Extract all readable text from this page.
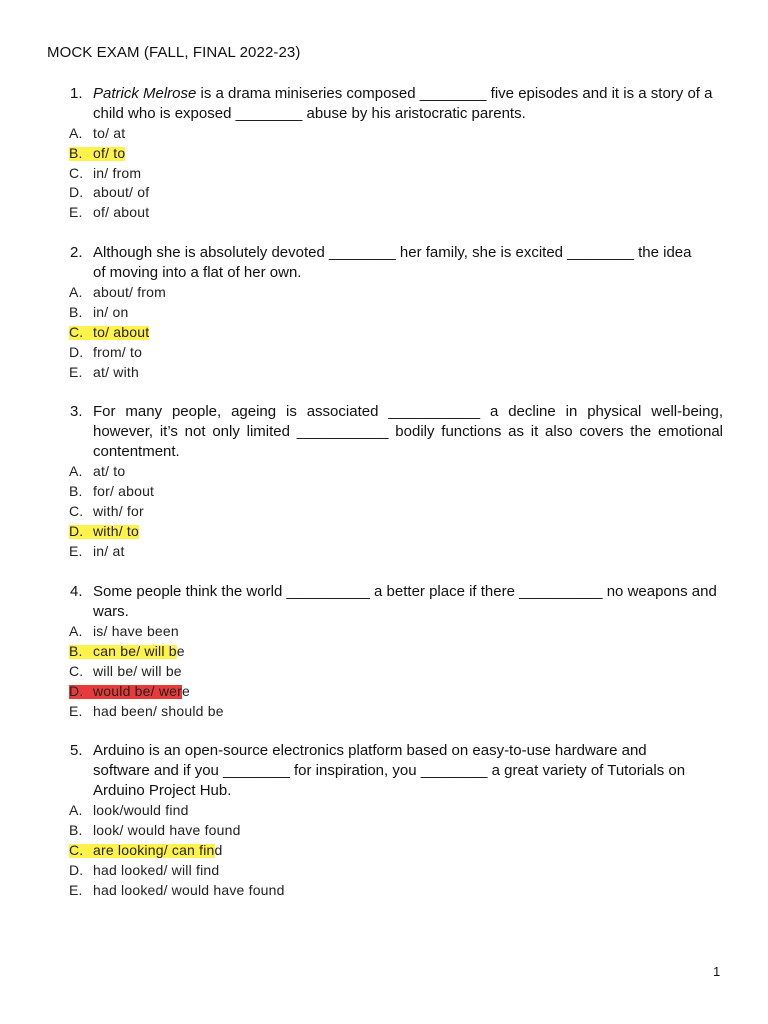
MOCK EXAM (FALL, FINAL 2022-23)
1. Patrick Melrose is a drama miniseries composed ________ five episodes and it is a story of a
child who is exposed ________ abuse by his aristocratic parents.
A. to/ at
B. of/ to
C. in/ from
D. about/ of
E. of/ about
2. Although she is absolutely devoted ________ her family, she is excited ________ the idea
of moving into a flat of her own.
A. about/ from
B. in/ on
C. to/ about
D. from/ to
E. at/ with
3. For many people, ageing is associated ___________ a decline in physical well-being, however, it’s not only limited ___________ bodily functions as it also covers the emotional contentment.
A. at/ to
B. for/ about
C. with/ for
D. with/ to
E. in/ at
4. Some people think the world __________ a better place if there __________ no weapons and
wars.
A. is/ have been
B. can be/ will be
C. will be/ will be
D. would be/ were
E. had been/ should be
5. Arduino is an open-source electronics platform based on easy-to-use hardware and
software and if you ________ for inspiration, you ________ a great variety of Tutorials on
Arduino Project Hub.
A. look/would find
B. look/ would have found
C. are looking/ can find
D. had looked/ will find
E. had looked/ would have found
1
